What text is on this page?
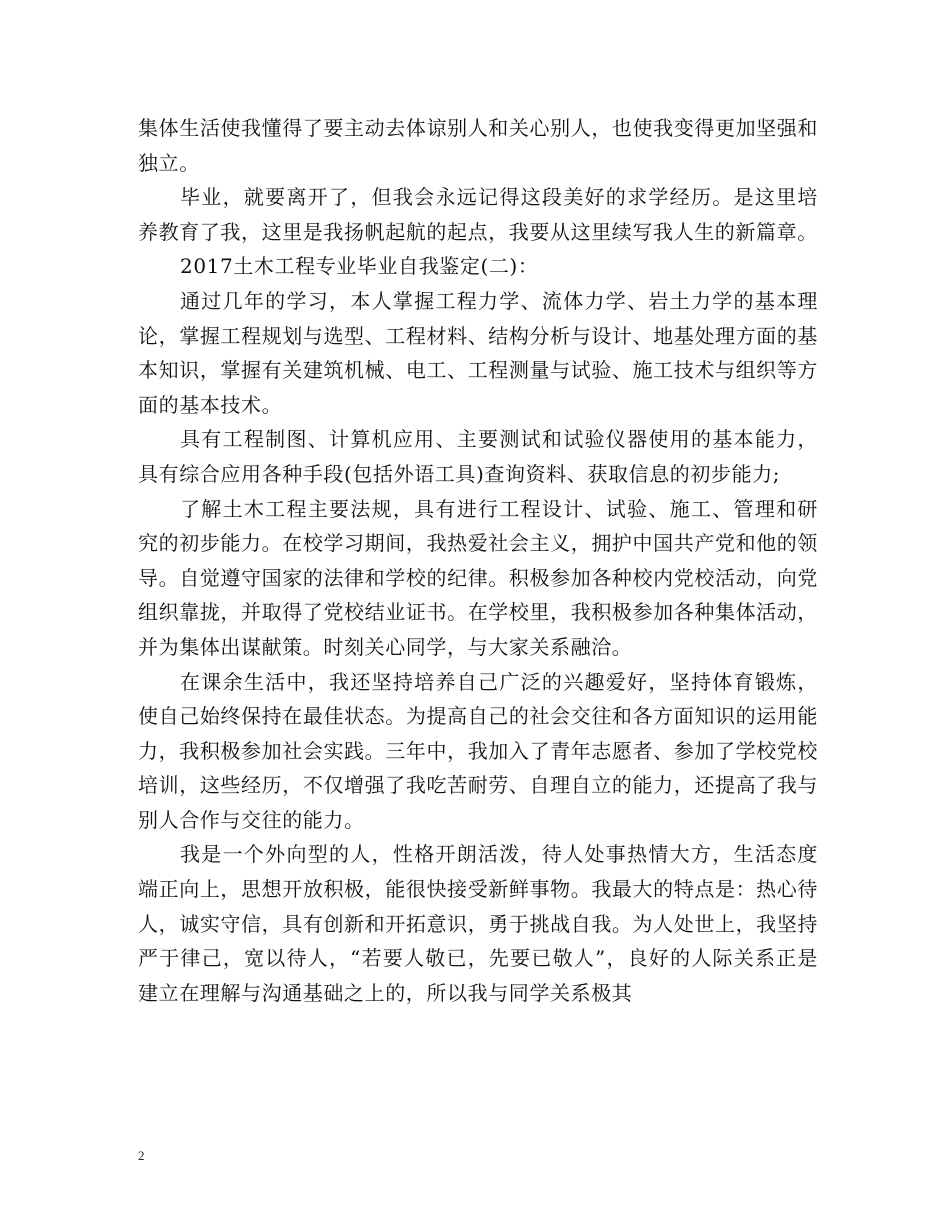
集体生活使我懂得了要主动去体谅别人和关心别人，也使我变得更加坚强和独立。

毕业，就要离开了，但我会永远记得这段美好的求学经历。是这里培养教育了我，这里是我扬帆起航的起点，我要从这里续写我人生的新篇章。

2017土木工程专业毕业自我鉴定(二)：

通过几年的学习，本人掌握工程力学、流体力学、岩土力学的基本理论，掌握工程规划与选型、工程材料、结构分析与设计、地基处理方面的基本知识，掌握有关建筑机械、电工、工程测量与试验、施工技术与组织等方面的基本技术。

具有工程制图、计算机应用、主要测试和试验仪器使用的基本能力，具有综合应用各种手段(包括外语工具)查询资料、获取信息的初步能力;

了解土木工程主要法规，具有进行工程设计、试验、施工、管理和研究的初步能力。在校学习期间，我热爱社会主义，拥护中国共产党和他的领导。自觉遵守国家的法律和学校的纪律。积极参加各种校内党校活动，向党组织靠拢，并取得了党校结业证书。在学校里，我积极参加各种集体活动，并为集体出谋献策。时刻关心同学，与大家关系融洽。

在课余生活中，我还坚持培养自己广泛的兴趣爱好，坚持体育锻炼，使自己始终保持在最佳状态。为提高自己的社会交往和各方面知识的运用能力，我积极参加社会实践。三年中，我加入了青年志愿者、参加了学校党校培训，这些经历，不仅增强了我吃苦耐劳、自理自立的能力，还提高了我与别人合作与交往的能力。

我是一个外向型的人，性格开朗活泼，待人处事热情大方，生活态度端正向上，思想开放积极，能很快接受新鲜事物。我最大的特点是：热心待人，诚实守信，具有创新和开拓意识，勇于挑战自我。为人处世上，我坚持严于律己，宽以待人，“若要人敬已，先要已敬人”，良好的人际关系正是建立在理解与沟通基础之上的，所以我与同学关系极其

2
